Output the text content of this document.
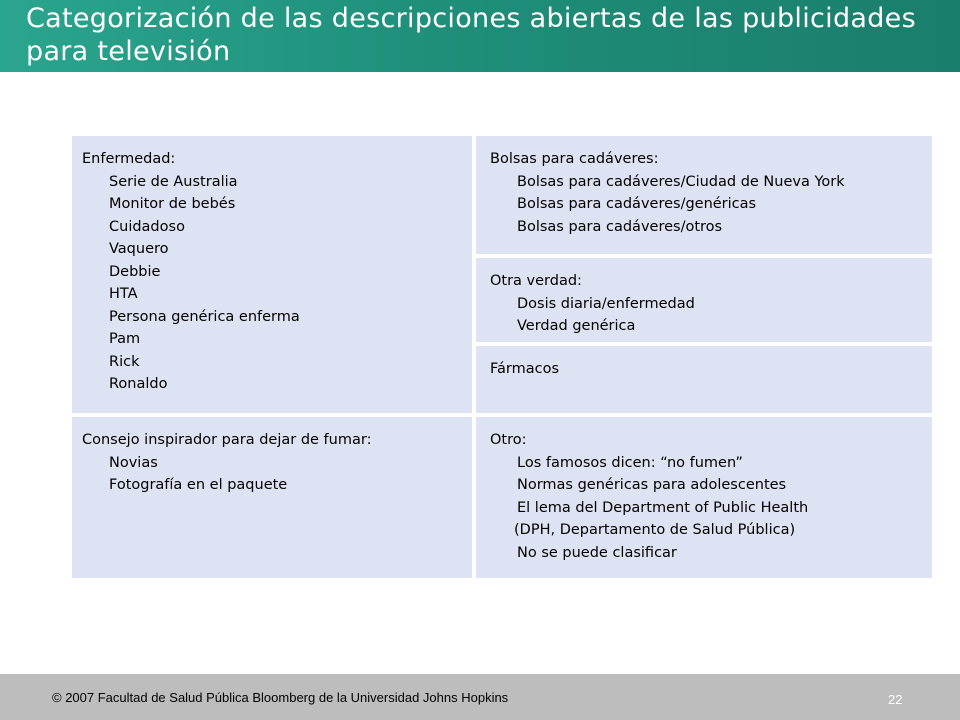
Categorización de las descripciones abiertas de las publicidades para televisión
Enfermedad:
Serie de Australia
Monitor de bebés
Cuidadoso
Vaquero
Debbie
HTA
Persona genérica enferma
Pam
Rick
Ronaldo
Bolsas para cadáveres:
Bolsas para cadáveres/Ciudad de Nueva York
Bolsas para cadáveres/genéricas
Bolsas para cadáveres/otros
Otra verdad:
Dosis diaria/enfermedad
Verdad genérica
Fármacos
Consejo inspirador para dejar de fumar:
Novias
Fotografía en el paquete
Otro:
Los famosos dicen: “no fumen”
Normas genéricas para adolescentes
El lema del Department of Public Health
(DPH, Departamento de Salud Pública)
No se puede clasificar
© 2007 Facultad de Salud Pública Bloomberg de la Universidad Johns Hopkins	22
